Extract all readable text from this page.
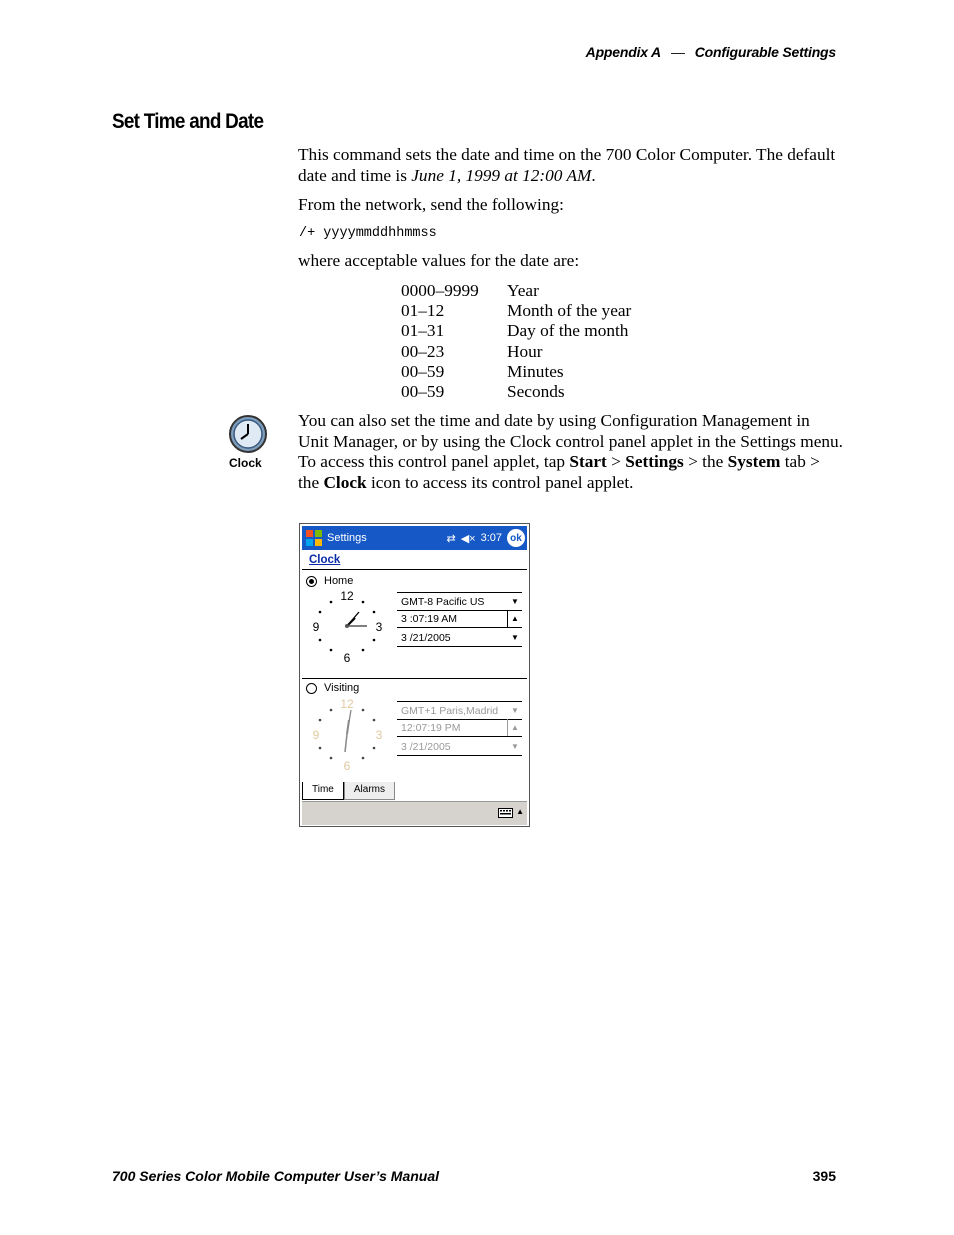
Appendix A — Configurable Settings
Set Time and Date
This command sets the date and time on the 700 Color Computer. The default date and time is June 1, 1999 at 12:00 AM.
From the network, send the following:
/+ yyyymmddhhmmss
where acceptable values for the date are:
0000–9999	Year
01–12	Month of the year
01–31	Day of the month
00–23	Hour
00–59	Minutes
00–59	Seconds
Clock
You can also set the time and date by using Configuration Management in Unit Manager, or by using the Clock control panel applet in the Settings menu. To access this control panel applet, tap Start > Settings > the System tab > the Clock icon to access its control panel applet.
Settings	⇄ ◀× 3:07 ok
Clock
Home
12
3
6
9
GMT-8 Pacific US	▼
3 :07:19 AM	▲
3 /21/2005	▼
Visiting
12
3
6
9
GMT+1 Paris,Madrid	▼
12:07:19 PM	▲
3 /21/2005	▼
Time	Alarms
▲
700 Series Color Mobile Computer User’s Manual	395
